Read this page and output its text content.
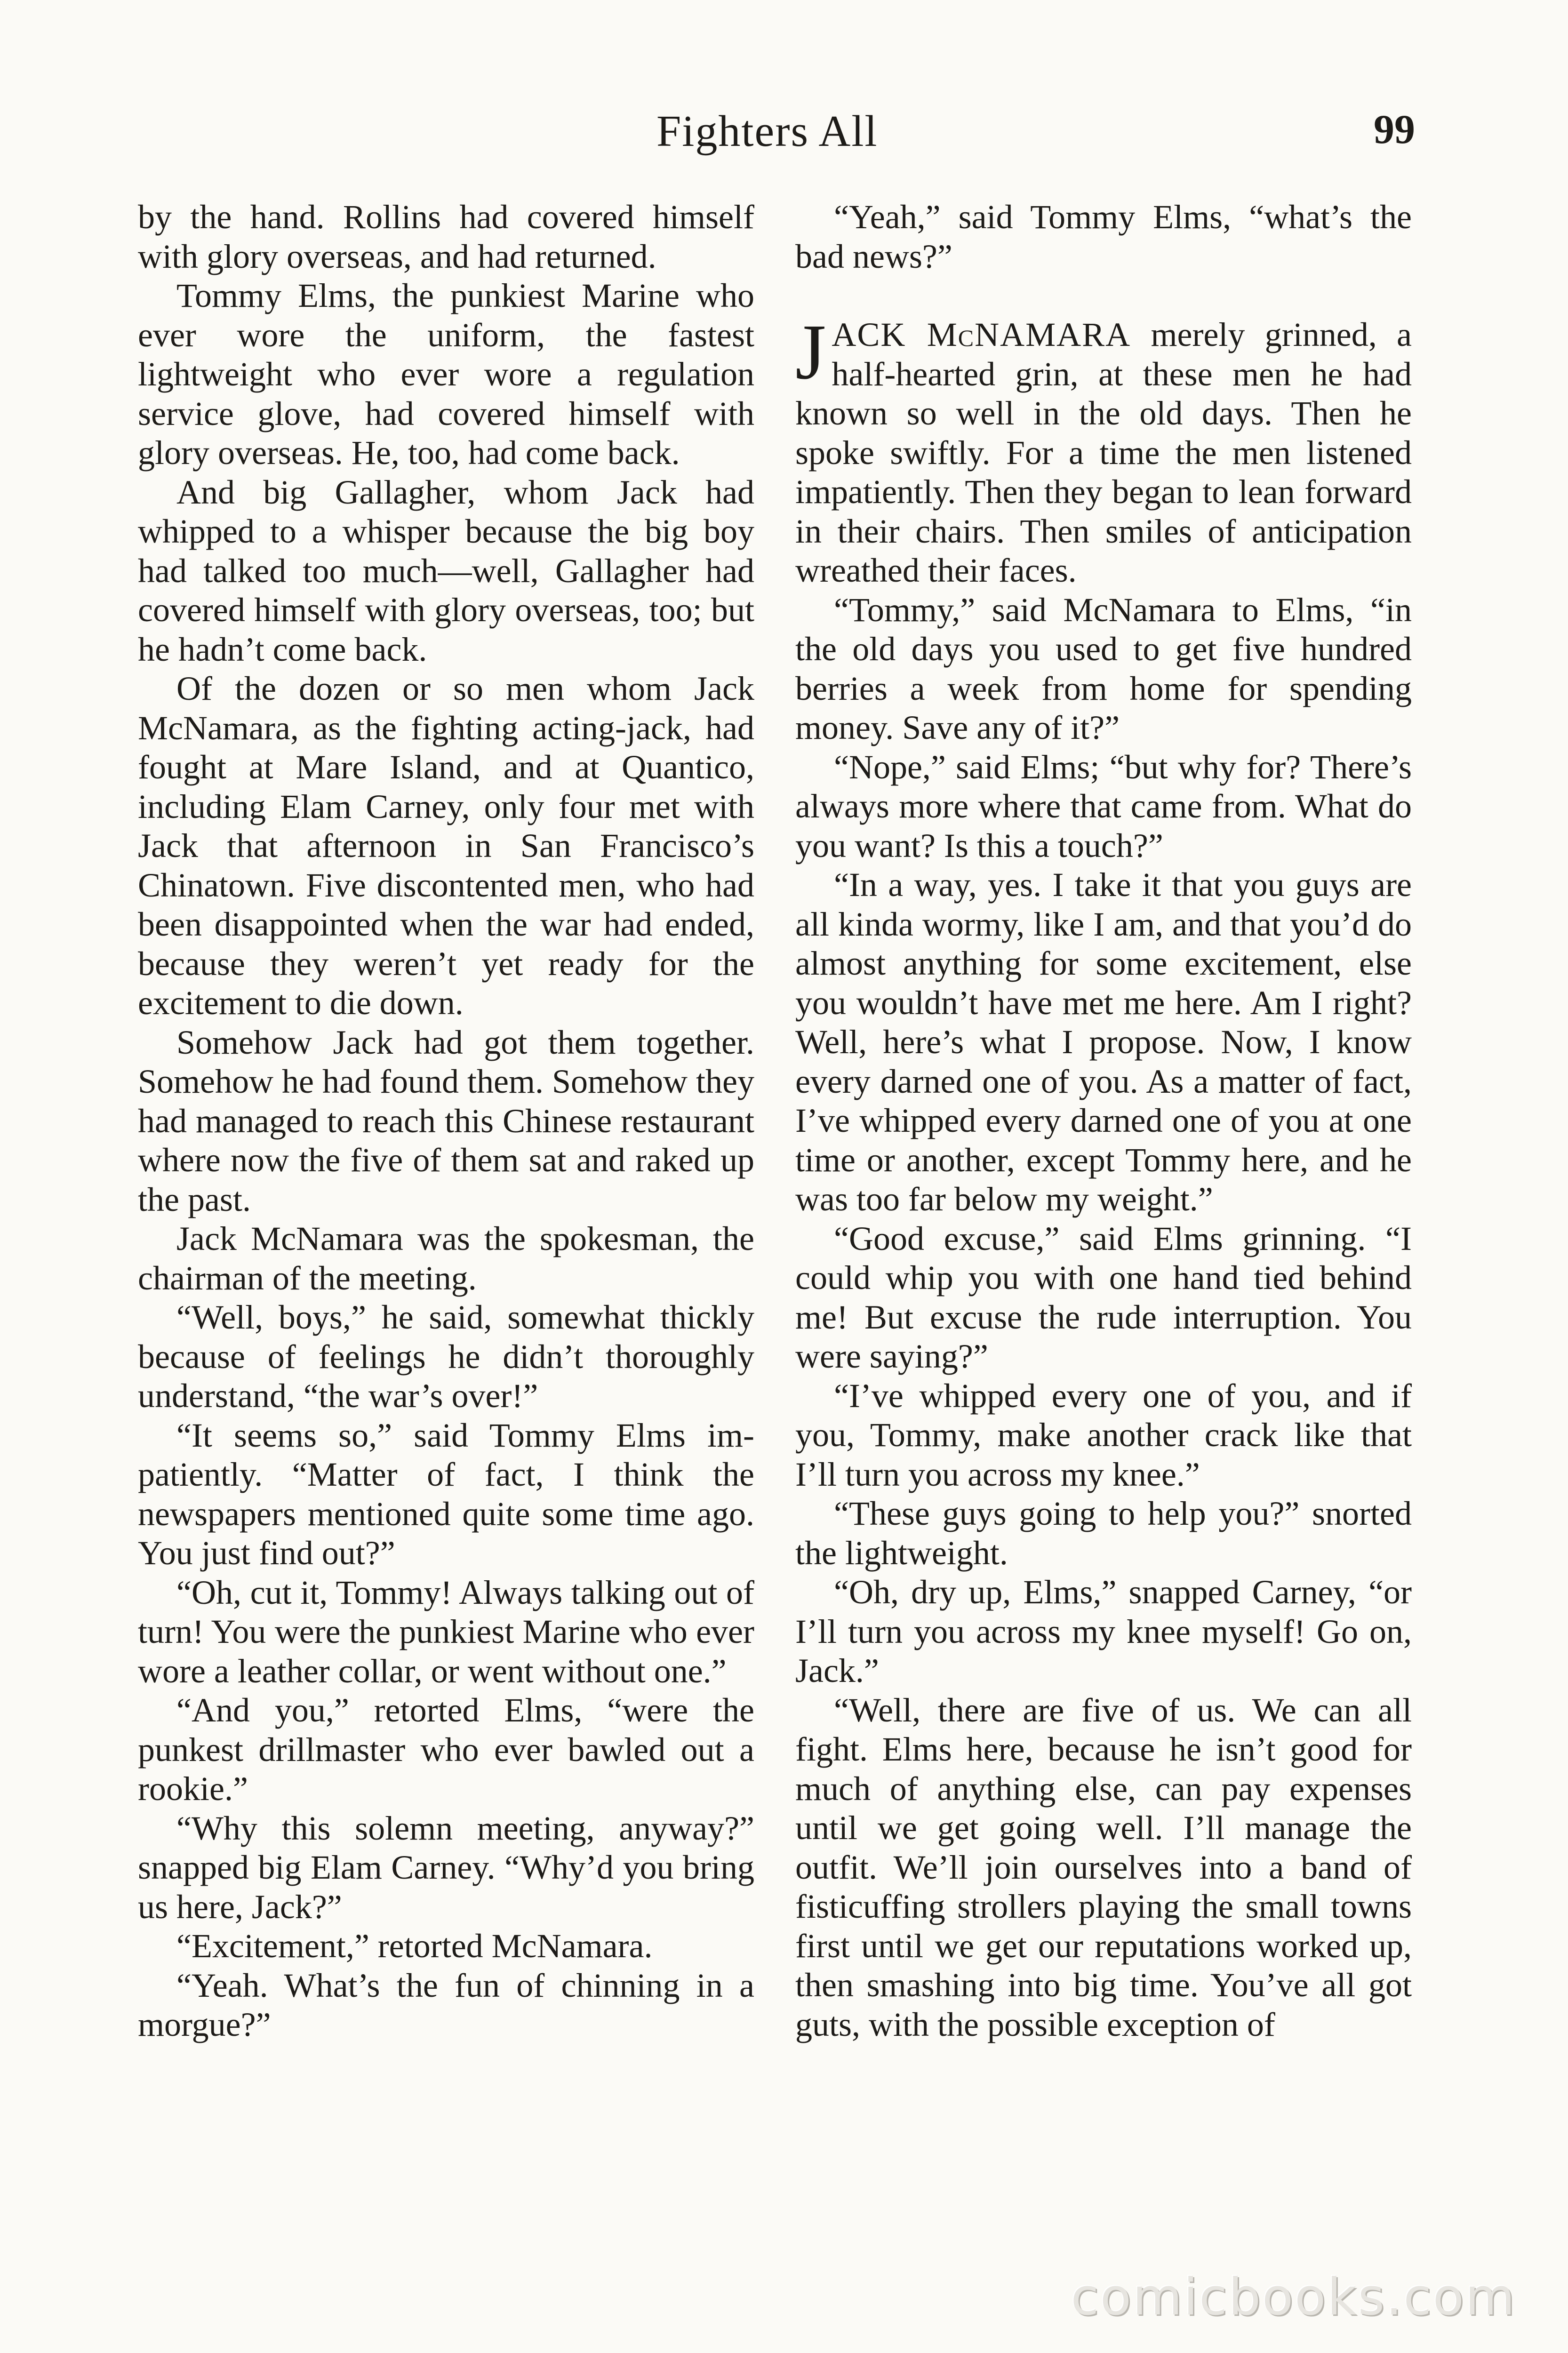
Fighters All	99

by the hand. Rollins had covered himself with glory overseas, and had returned.

Tommy Elms, the punkiest Marine who ever wore the uniform, the fastest lightweight who ever wore a regulation service glove, had covered himself with glory overseas. He, too, had come back.

And big Gallagher, whom Jack had whipped to a whisper because the big boy had talked too much—well, Gallagher had covered himself with glory overseas, too; but he hadn’t come back.

Of the dozen or so men whom Jack McNamara, as the fighting acting-jack, had fought at Mare Island, and at Quantico, including Elam Carney, only four met with Jack that afternoon in San Francisco’s Chinatown. Five discontented men, who had been disappointed when the war had ended, because they weren’t yet ready for the excitement to die down.

Somehow Jack had got them together. Somehow he had found them. Somehow they had managed to reach this Chinese restaurant where now the five of them sat and raked up the past.

Jack McNamara was the spokesman, the chairman of the meeting.

“Well, boys,” he said, somewhat thickly because of feelings he didn’t thoroughly understand, “the war’s over!”

“It seems so,” said Tommy Elms impatiently. “Matter of fact, I think the newspapers mentioned quite some time ago. You just find out?”

“Oh, cut it, Tommy! Always talking out of turn! You were the punkiest Marine who ever wore a leather collar, or went without one.”

“And you,” retorted Elms, “were the punkest drillmaster who ever bawled out a rookie.”

“Why this solemn meeting, anyway?” snapped big Elam Carney. “Why’d you bring us here, Jack?”

“Excitement,” retorted McNamara.

“Yeah. What’s the fun of chinning in a morgue?”

“Yeah,” said Tommy Elms, “what’s the bad news?”

JACK McNAMARA merely grinned, a half-hearted grin, at these men he had known so well in the old days. Then he spoke swiftly. For a time the men listened impatiently. Then they began to lean forward in their chairs. Then smiles of anticipation wreathed their faces.

“Tommy,” said McNamara to Elms, “in the old days you used to get five hundred berries a week from home for spending money. Save any of it?”

“Nope,” said Elms; “but why for? There’s always more where that came from. What do you want? Is this a touch?”

“In a way, yes. I take it that you guys are all kinda wormy, like I am, and that you’d do almost anything for some excitement, else you wouldn’t have met me here. Am I right? Well, here’s what I propose. Now, I know every darned one of you. As a matter of fact, I’ve whipped every darned one of you at one time or another, except Tommy here, and he was too far below my weight.”

“Good excuse,” said Elms grinning. “I could whip you with one hand tied behind me! But excuse the rude interruption. You were saying?”

“I’ve whipped every one of you, and if you, Tommy, make another crack like that I’ll turn you across my knee.”

“These guys going to help you?” snorted the lightweight.

“Oh, dry up, Elms,” snapped Carney, “or I’ll turn you across my knee myself! Go on, Jack.”

“Well, there are five of us. We can all fight. Elms here, because he isn’t good for much of anything else, can pay expenses until we get going well. I’ll manage the outfit. We’ll join ourselves into a band of fisticuffing strollers playing the small towns first until we get our reputations worked up, then smashing into big time. You’ve all got guts, with the possible exception of

comicbooks.com
